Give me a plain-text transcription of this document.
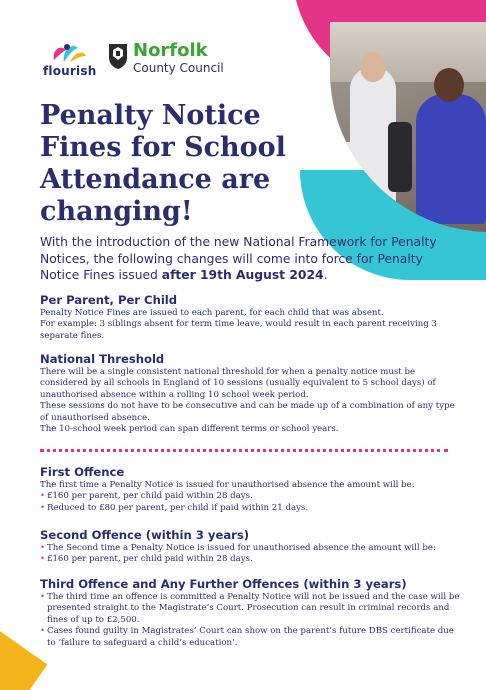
flourish
Norfolk
County Council
Penalty Notice Fines for School Attendance are changing!

With the introduction of the new National Framework for Penalty Notices, the following changes will come into force for Penalty Notice Fines issued after 19th August 2024.

Per Parent, Per Child

Penalty Notice Fines are issued to each parent, for each child that was absent.

For example: 3 siblings absent for term time leave, would result in each parent receiving 3 separate fines.

National Threshold

There will be a single consistent national threshold for when a penalty notice must be considered by all schools in England of 10 sessions (usually equivalent to 5 school days) of unauthorised absence within a rolling 10 school week period.

These sessions do not have to be consecutive and can be made up of a combination of any type of unauthorised absence.

The 10-school week period can span different terms or school years.

First Offence

The first time a Penalty Notice is issued for unauthorised absence the amount will be:

• £160 per parent, per child paid within 28 days.
• Reduced to £80 per parent, per child if paid within 21 days.
Second Offence (within 3 years)
• The Second time a Penalty Notice is issued for unauthorised absence the amount will be:
• £160 per parent, per child paid within 28 days.
Third Offence and Any Further Offences (within 3 years)
• The third time an offence is committed a Penalty Notice will not be issued and the case will be presented straight to the Magistrate’s Court. Prosecution can result in criminal records and fines of up to £2,500.
• Cases found guilty in Magistrates’ Court can show on the parent’s future DBS certificate due to ‘failure to safeguard a child’s education’.
